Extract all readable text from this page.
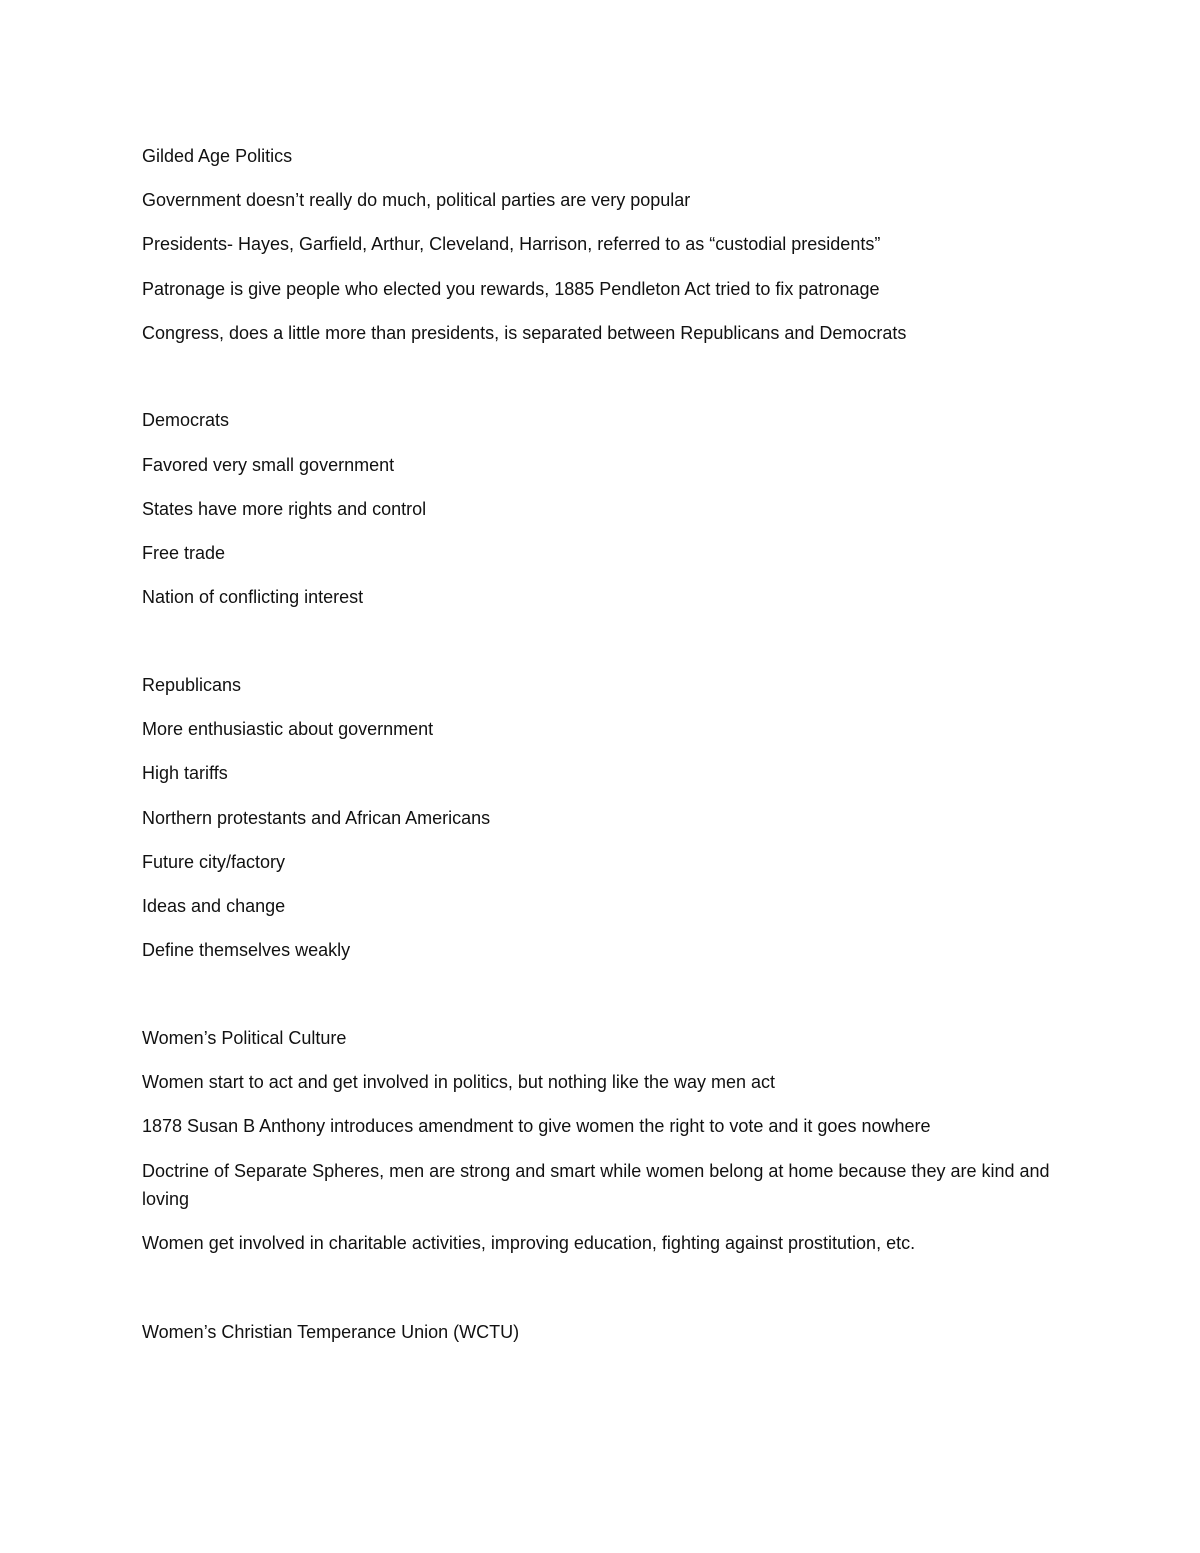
Gilded Age Politics
Government doesn’t really do much, political parties are very popular
Presidents- Hayes, Garfield, Arthur, Cleveland, Harrison, referred to as “custodial presidents”
Patronage is give people who elected you rewards, 1885 Pendleton Act tried to fix patronage
Congress, does a little more than presidents, is separated between Republicans and Democrats
Democrats
Favored very small government
States have more rights and control
Free trade
Nation of conflicting interest
Republicans
More enthusiastic about government
High tariffs
Northern protestants and African Americans
Future city/factory
Ideas and change
Define themselves weakly
Women’s Political Culture
Women start to act and get involved in politics, but nothing like the way men act
1878 Susan B Anthony introduces amendment to give women the right to vote and it goes nowhere
Doctrine of Separate Spheres, men are strong and smart while women belong at home because they are kind and loving
Women get involved in charitable activities, improving education, fighting against prostitution, etc.
Women’s Christian Temperance Union (WCTU)
